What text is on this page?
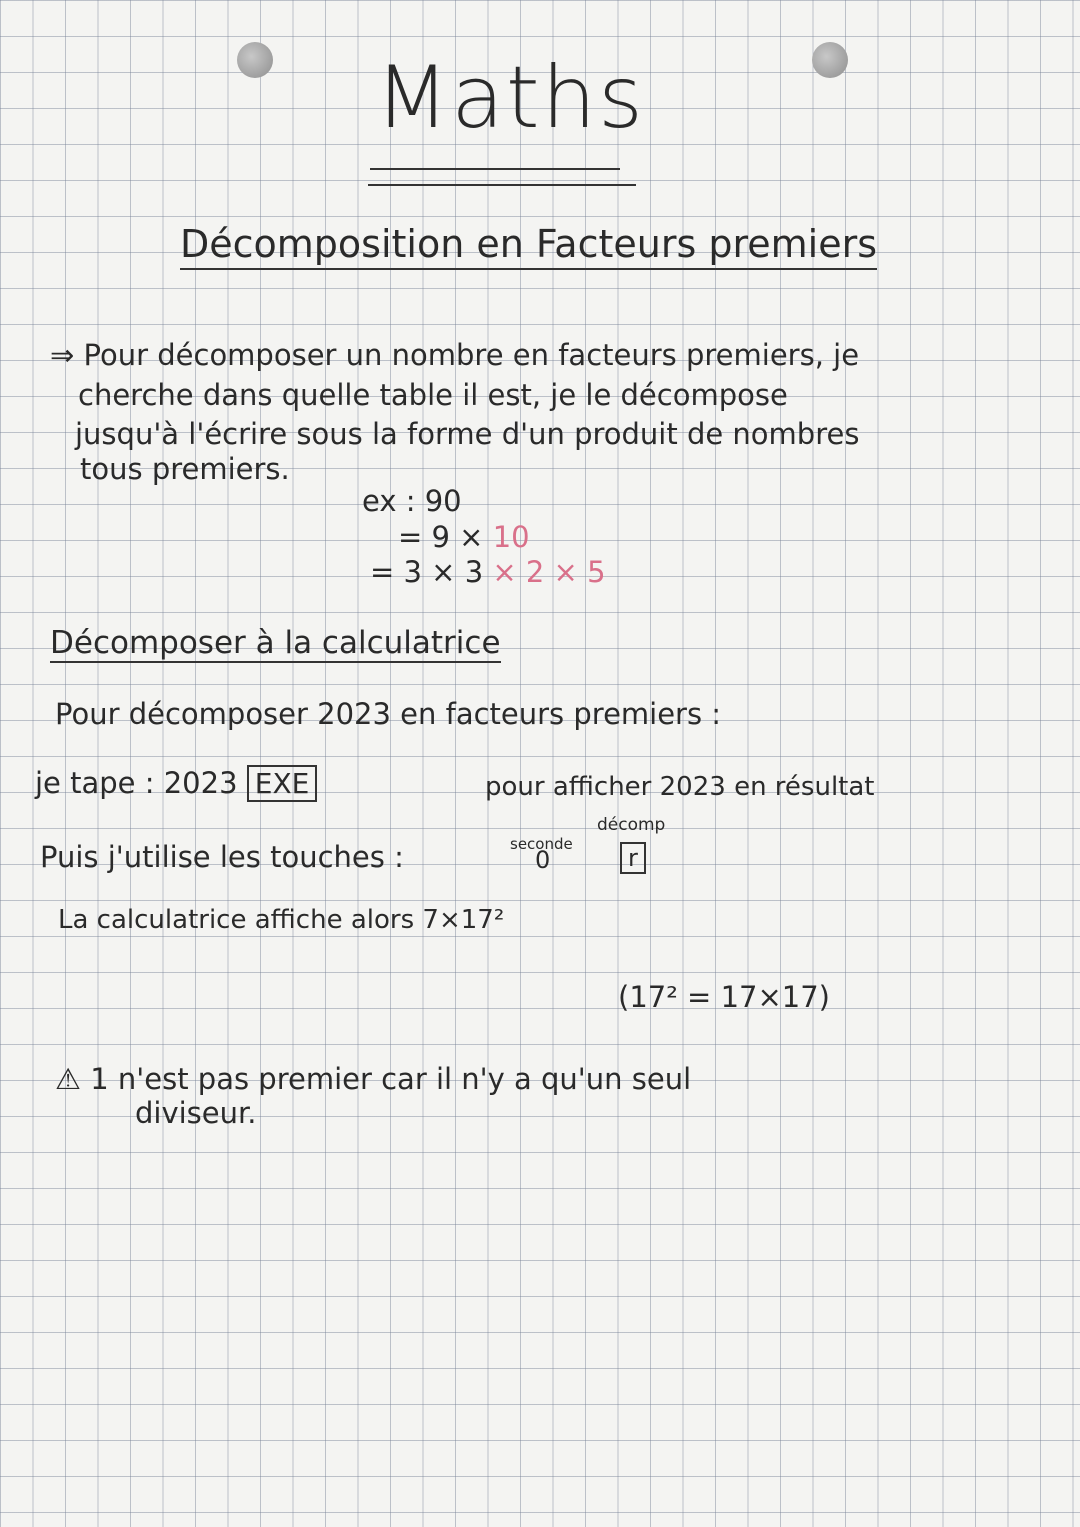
Maths
Décomposition en Facteurs premiers
⇒ Pour décomposer un nombre en facteurs premiers, je
cherche dans quelle table il est, je le décompose
jusqu'à l'écrire sous la forme d'un produit de nombres
tous premiers.
ex : 90
= 9 × 10
= 3 × 3 × 2 × 5
Décomposer à la calculatrice
Pour décomposer 2023 en facteurs premiers :
je tape : 2023 EXE	pour afficher 2023 en résultat
Puis j'utilise les touches :	seconde
0
décomp
r
La calculatrice affiche alors 7×17²
(17² = 17×17)
⚠ 1 n'est pas premier car il n'y a qu'un seul
diviseur.
